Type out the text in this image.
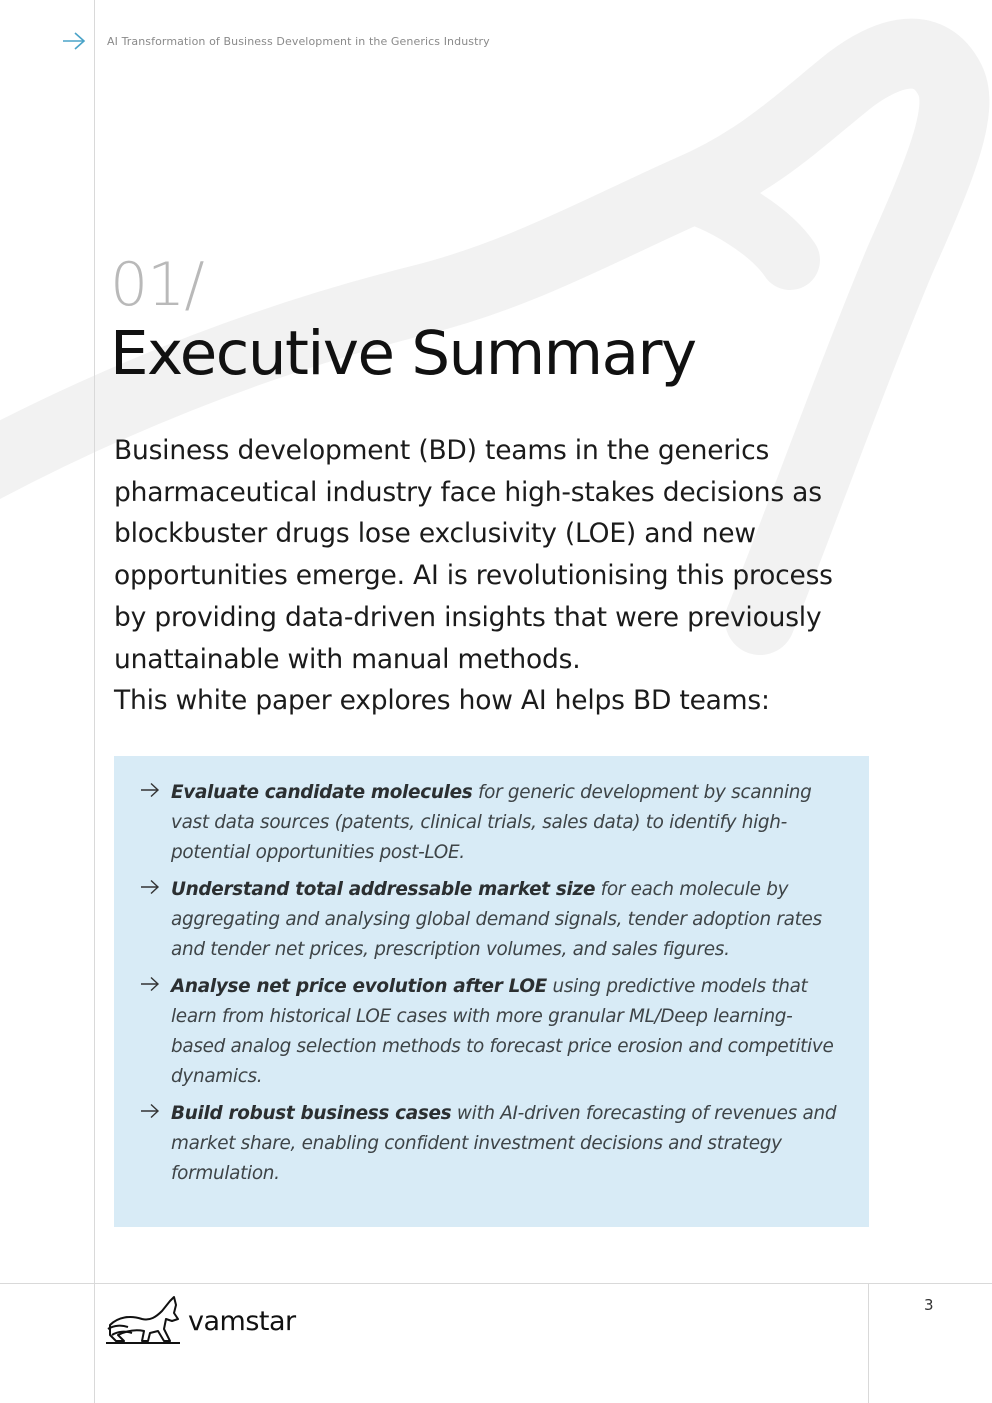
AI Transformation of Business Development in the Generics Industry
01/
Executive Summary

Business development (BD) teams in the generics pharmaceutical industry face high-stakes decisions as blockbuster drugs lose exclusivity (LOE) and new opportunities emerge. AI is revolutionising this process by providing data-driven insights that were previously unattainable with manual methods.

This white paper explores how AI helps BD teams:

Evaluate candidate molecules for generic development by scanning vast data sources (patents, clinical trials, sales data) to identify high-potential opportunities post-LOE.
Understand total addressable market size for each molecule by aggregating and analysing global demand signals, tender adoption rates and tender net prices, prescription volumes, and sales figures.
Analyse net price evolution after LOE using predictive models that learn from historical LOE cases with more granular ML/Deep learning-based analog selection methods to forecast price erosion and competitive dynamics.
Build robust business cases with AI-driven forecasting of revenues and market share, enabling confident investment decisions and strategy formulation.
vamstar
3
